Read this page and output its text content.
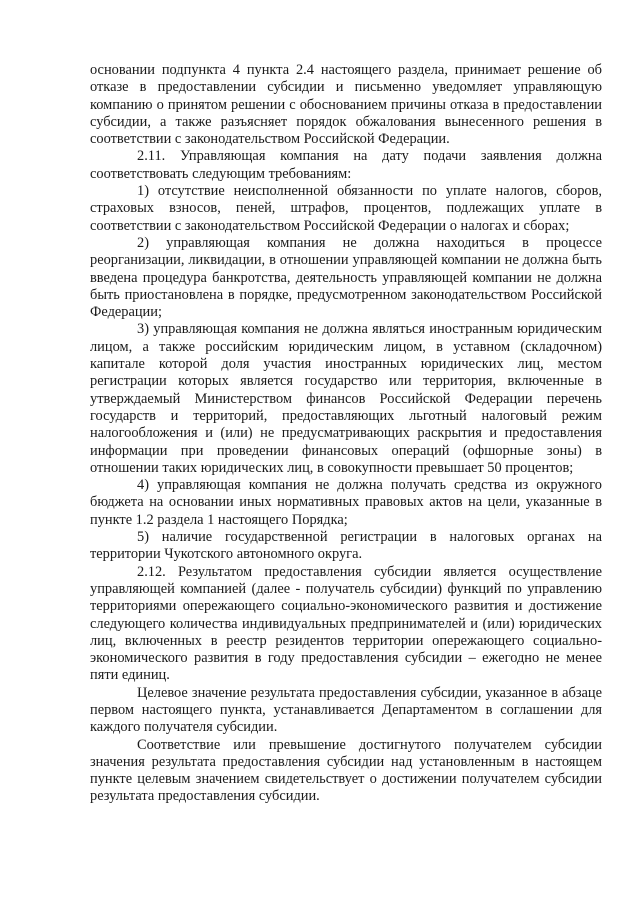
основании подпункта 4 пункта 2.4 настоящего раздела, принимает решение об отказе в предоставлении субсидии и письменно уведомляет управляющую компанию о принятом решении с обоснованием причины отказа в предоставлении субсидии, а также разъясняет порядок обжалования вынесенного решения в соответствии с законодательством Российской Федерации.

2.11. Управляющая компания на дату подачи заявления должна соответствовать следующим требованиям:

1) отсутствие неисполненной обязанности по уплате налогов, сборов, страховых взносов, пеней, штрафов, процентов, подлежащих уплате в соответствии с законодательством Российской Федерации о налогах и сборах;

2) управляющая компания не должна находиться в процессе реорганизации, ликвидации, в отношении управляющей компании не должна быть введена процедура банкротства, деятельность управляющей компании не должна быть приостановлена в порядке, предусмотренном законодательством Российской Федерации;

3) управляющая компания не должна являться иностранным юридическим лицом, а также российским юридическим лицом, в уставном (складочном) капитале которой доля участия иностранных юридических лиц, местом регистрации которых является государство или территория, включенные в утверждаемый Министерством финансов Российской Федерации перечень государств и территорий, предоставляющих льготный налоговый режим налогообложения и (или) не предусматривающих раскрытия и предоставления информации при проведении финансовых операций (офшорные зоны) в отношении таких юридических лиц, в совокупности превышает 50 процентов;

4) управляющая компания не должна получать средства из окружного бюджета на основании иных нормативных правовых актов на цели, указанные в пункте 1.2 раздела 1 настоящего Порядка;

5) наличие государственной регистрации в налоговых органах на территории Чукотского автономного округа.

2.12. Результатом предоставления субсидии является осуществление управляющей компанией (далее - получатель субсидии) функций по управлению территориями опережающего социально-экономического развития и достижение следующего количества индивидуальных предпринимателей и (или) юридических лиц, включенных в реестр резидентов территории опережающего социально-экономического развития в году предоставления субсидии – ежегодно не менее пяти единиц.

Целевое значение результата предоставления субсидии, указанное в абзаце первом настоящего пункта, устанавливается Департаментом в соглашении для каждого получателя субсидии.

Соответствие или превышение достигнутого получателем субсидии значения результата предоставления субсидии над установленным в настоящем пункте целевым значением свидетельствует о достижении получателем субсидии результата предоставления субсидии.
